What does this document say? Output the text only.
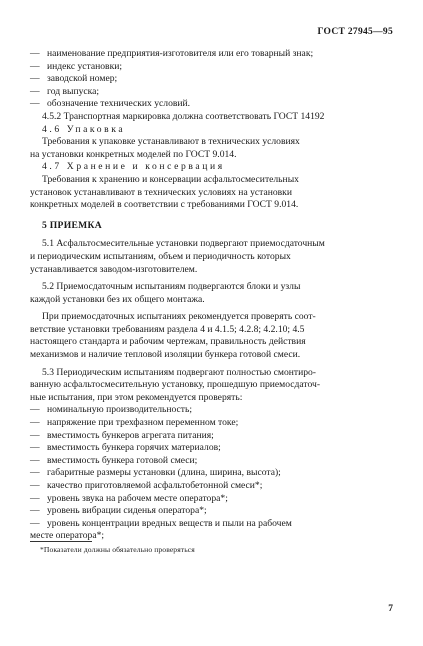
ГОСТ 27945—95
— наименование предприятия-изготовителя или его товарный знак;
— индекс установки;
— заводской номер;
— год выпуска;
— обозначение технических условий.
4.5.2 Транспортная маркировка должна соответствовать ГОСТ 14192
4.6 Упаковка
Требования к упаковке устанавливают в технических условиях
на установки конкретных моделей по ГОСТ 9.014.
4.7 Хранение и консервация
Требования к хранению и консервации асфальтосмесительных
установок устанавливают в технических условиях на установки
конкретных моделей в соответствии с требованиями ГОСТ 9.014.
5 ПРИЕМКА
5.1 Асфальтосмесительные установки подвергают приемосдаточным
и периодическим испытаниям, объем и периодичность которых
устанавливается заводом-изготовителем.
5.2 Приемосдаточным испытаниям подвергаются блоки и узлы
каждой установки без их общего монтажа.
При приемосдаточных испытаниях рекомендуется проверять соот-
ветствие установки требованиям раздела 4 и 4.1.5; 4.2.8; 4.2.10; 4.5
настоящего стандарта и рабочим чертежам, правильность действия
механизмов и наличие тепловой изоляции бункера готовой смеси.
5.3 Периодическим испытаниям подвергают полностью смонтиро-
ванную асфальтосмесительную установку, прошедшую приемосдаточ-
ные испытания, при этом рекомендуется проверять:
— номинальную производительность;
— напряжение при трехфазном переменном токе;
— вместимость бункеров агрегата питания;
— вместимость бункера горячих материалов;
— вместимость бункера готовой смеси;
— габаритные размеры установки (длина, ширина, высота);
— качество приготовляемой асфальтобетонной смеси*;
— уровень звука на рабочем месте оператора*;
— уровень вибрации сиденья оператора*;
— уровень концентрации вредных веществ и пыли на рабочем
месте оператора*;
*Показатели должны обязательно проверяться
7
